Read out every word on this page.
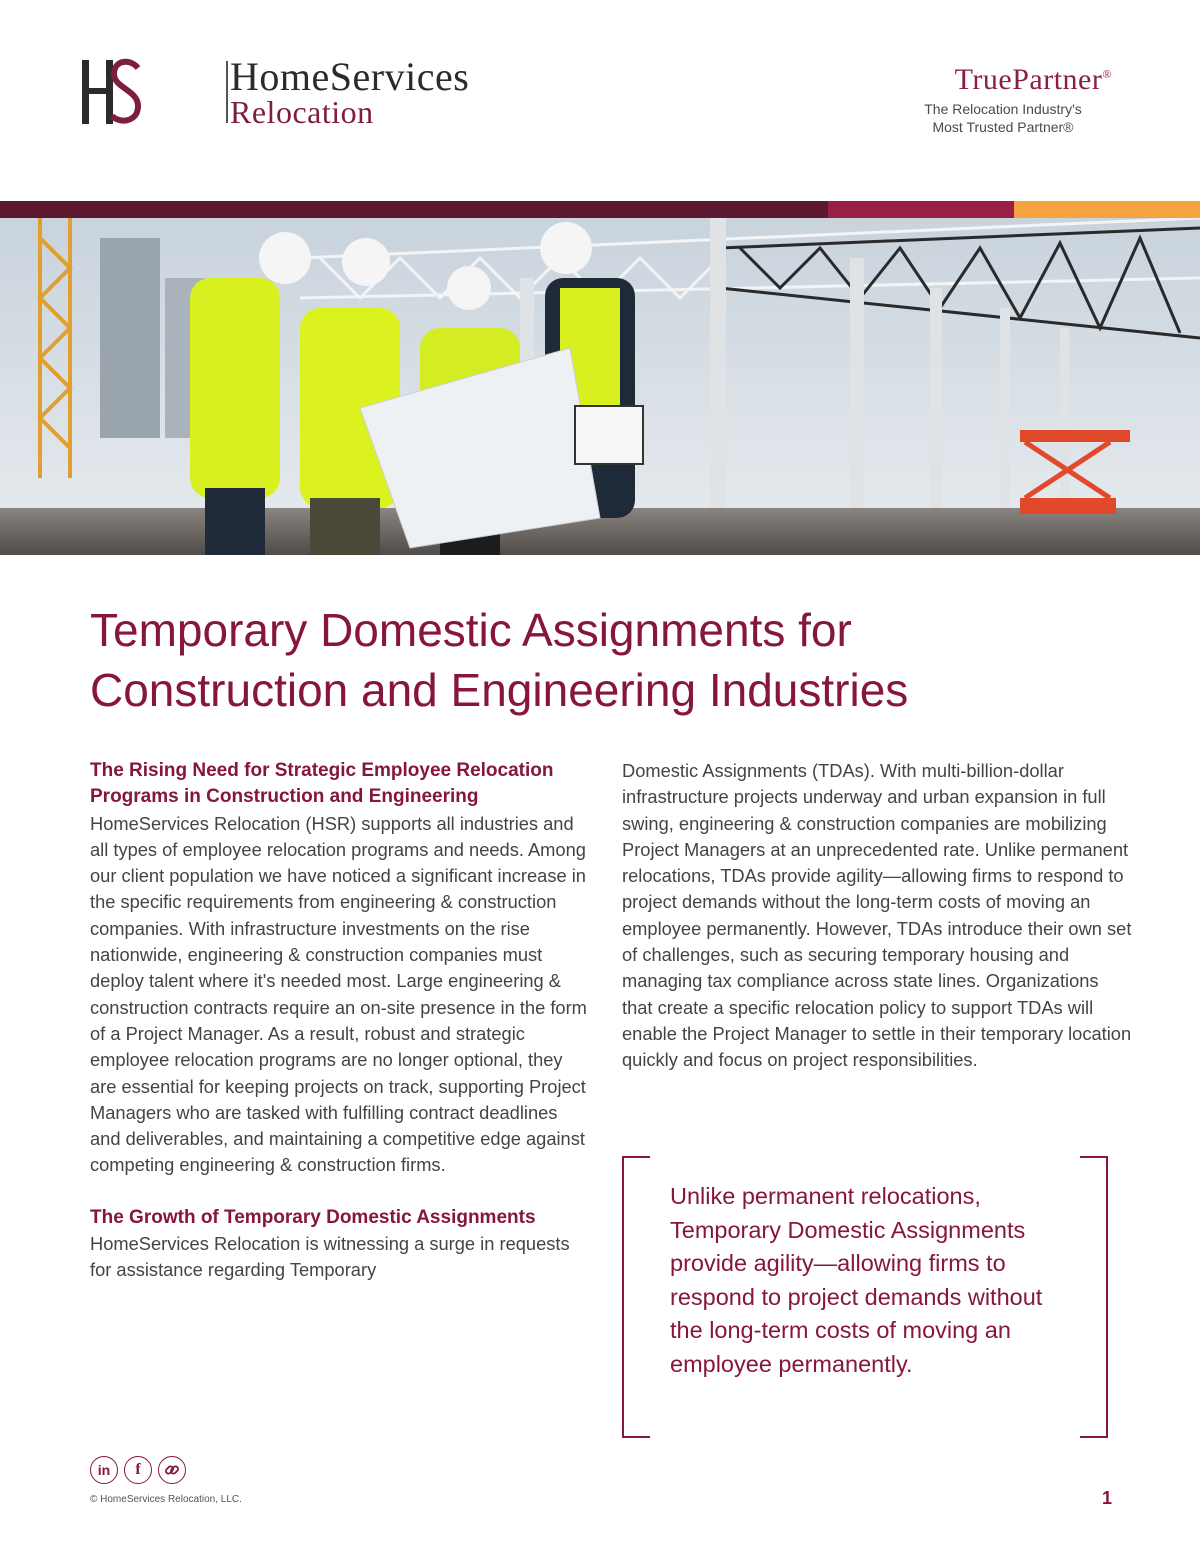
HomeServices
Relocation
TruePartner®
The Relocation Industry's
Most Trusted Partner®
Temporary Domestic Assignments for
Construction and Engineering Industries
The Rising Need for Strategic Employee Relocation Programs in Construction and Engineering

HomeServices Relocation (HSR) supports all industries and all types of employee relocation programs and needs. Among our client population we have noticed a significant increase in the specific requirements from engineering & construction companies. With infrastructure investments on the rise nationwide, engineering & construction companies must deploy talent where it's needed most. Large engineering & construction contracts require an on-site presence in the form of a Project Manager. As a result, robust and strategic employee relocation programs are no longer optional, they are essential for keeping projects on track, supporting Project Managers who are tasked with fulfilling contract deadlines and deliverables, and maintaining a competitive edge against competing engineering & construction firms.

The Growth of Temporary Domestic Assignments

HomeServices Relocation is witnessing a surge in requests for assistance regarding Temporary

Domestic Assignments (TDAs). With multi-billion-dollar infrastructure projects underway and urban expansion in full swing, engineering & construction companies are mobilizing Project Managers at an unprecedented rate. Unlike permanent relocations, TDAs provide agility—allowing firms to respond to project demands without the long-term costs of moving an employee permanently. However, TDAs introduce their own set of challenges, such as securing temporary housing and managing tax compliance across state lines. Organizations that create a specific relocation policy to support TDAs will enable the Project Manager to settle in their temporary location quickly and focus on project responsibilities.

Unlike permanent relocations, Temporary Domestic Assignments provide agility—allowing firms to respond to project demands without the long-term costs of moving an employee permanently.
in	f
© HomeServices Relocation, LLC.	1
